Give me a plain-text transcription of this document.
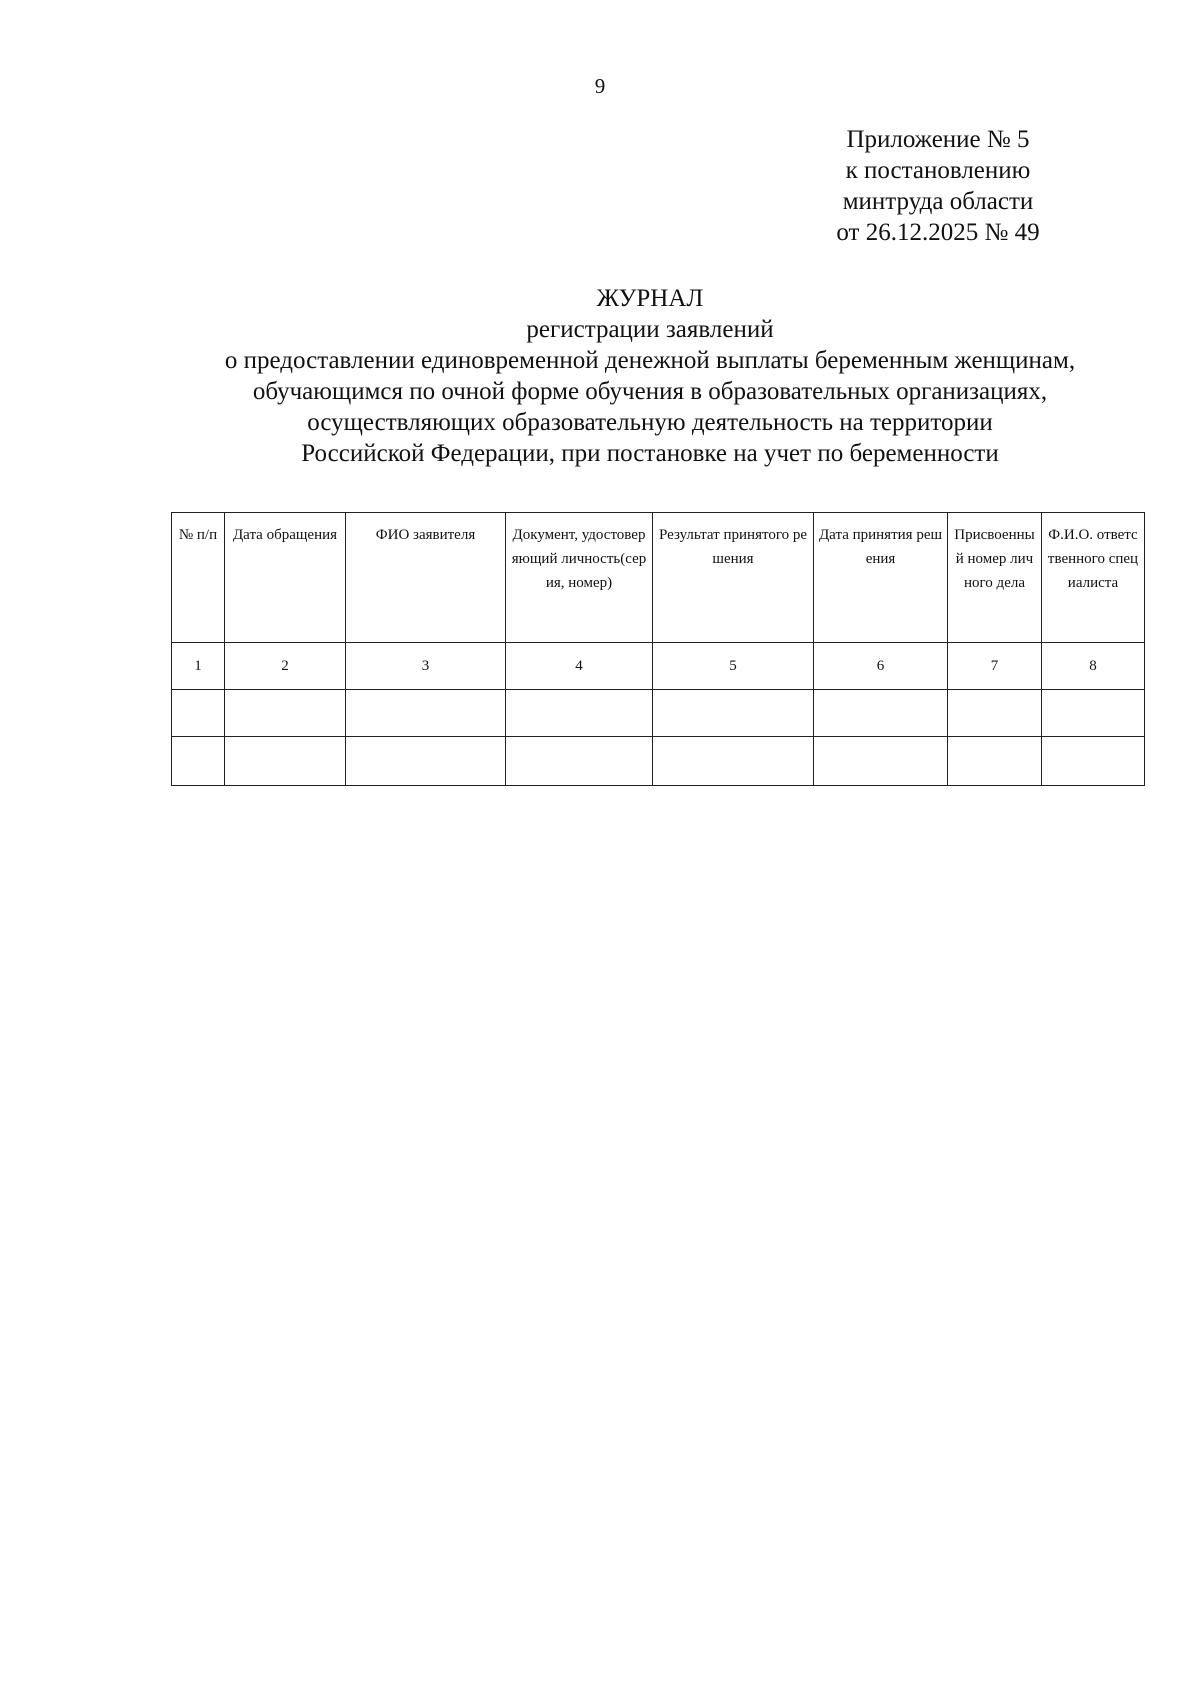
9
Приложение № 5
к постановлению
минтруда области
от 26.12.2025 № 49
ЖУРНАЛ
регистрации заявлений
о предоставлении единовременной денежной выплаты беременным женщинам,
обучающимся по очной форме обучения в образовательных организациях,
осуществляющих образовательную деятельность на территории
Российской Федерации, при постановке на учет по беременности
№ п/п	Дата обращения	ФИО заявителя	Документ, удостоверяющий личность(серия, номер)	Результат принятого решения	Дата принятия решения	Присвоенный номер личного дела	Ф.И.О. ответственного специалиста
1	2	3	4	5	6	7	8
